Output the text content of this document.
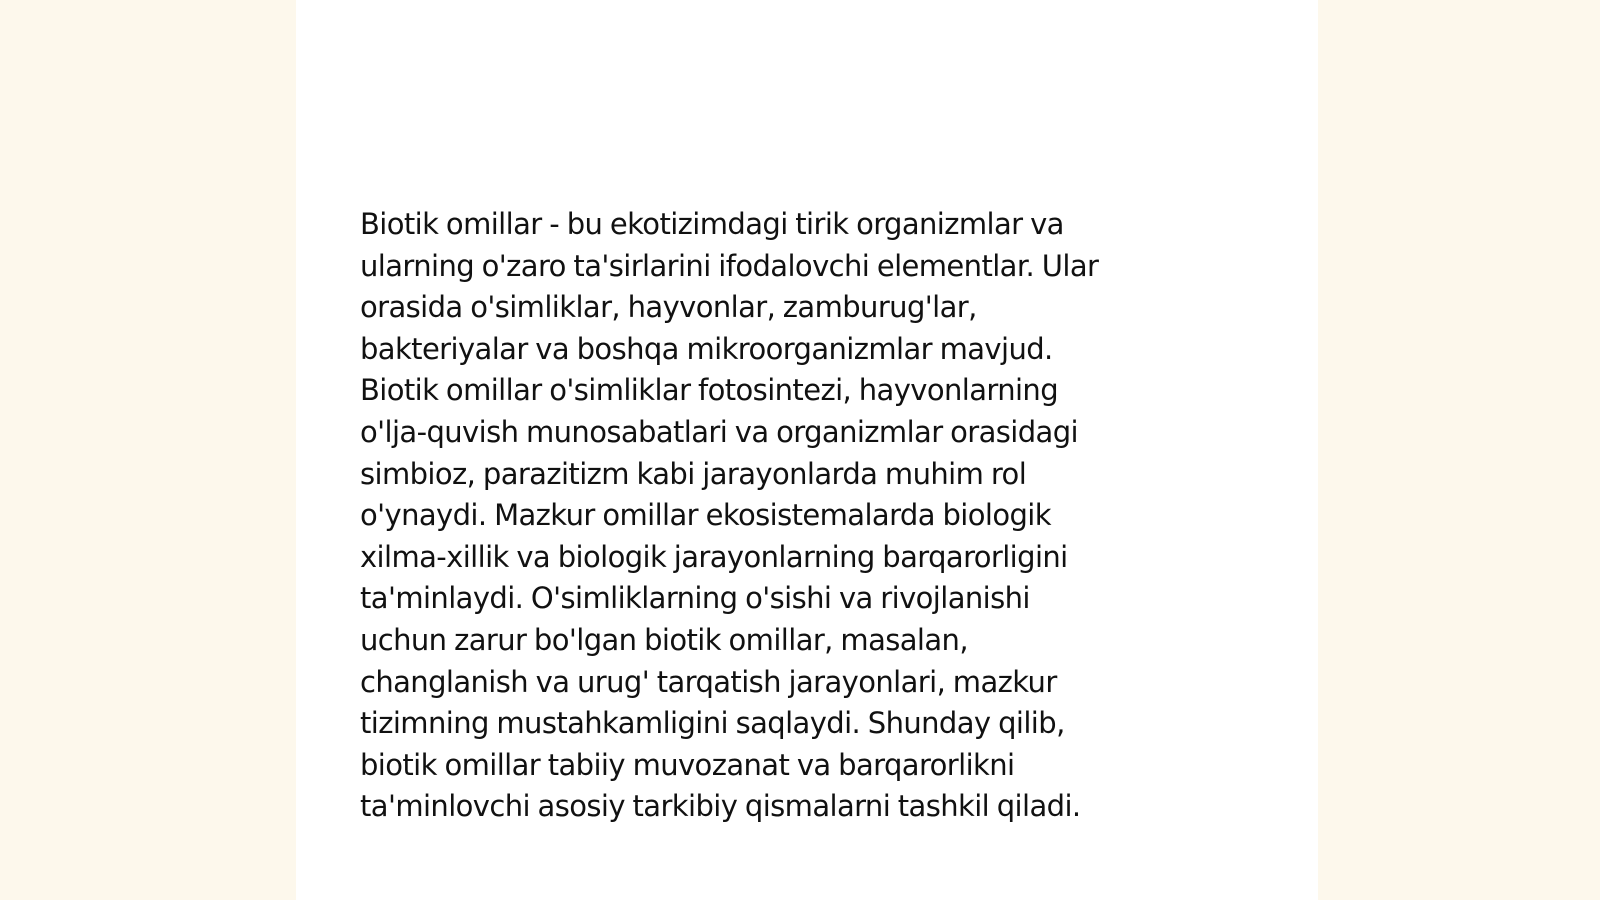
Biotik omillar - bu ekotizimdagi tirik organizmlar va
ularning o'zaro ta'sirlarini ifodalovchi elementlar. Ular
orasida o'simliklar, hayvonlar, zamburug'lar,
bakteriyalar va boshqa mikroorganizmlar mavjud.
Biotik omillar o'simliklar fotosintezi, hayvonlarning
o'lja-quvish munosabatlari va organizmlar orasidagi
simbioz, parazitizm kabi jarayonlarda muhim rol
o'ynaydi. Mazkur omillar ekosistemalarda biologik
xilma-xillik va biologik jarayonlarning barqarorligini
ta'minlaydi. O'simliklarning o'sishi va rivojlanishi
uchun zarur bo'lgan biotik omillar, masalan,
changlanish va urug' tarqatish jarayonlari, mazkur
tizimning mustahkamligini saqlaydi. Shunday qilib,
biotik omillar tabiiy muvozanat va barqarorlikni
ta'minlovchi asosiy tarkibiy qismalarni tashkil qiladi.
